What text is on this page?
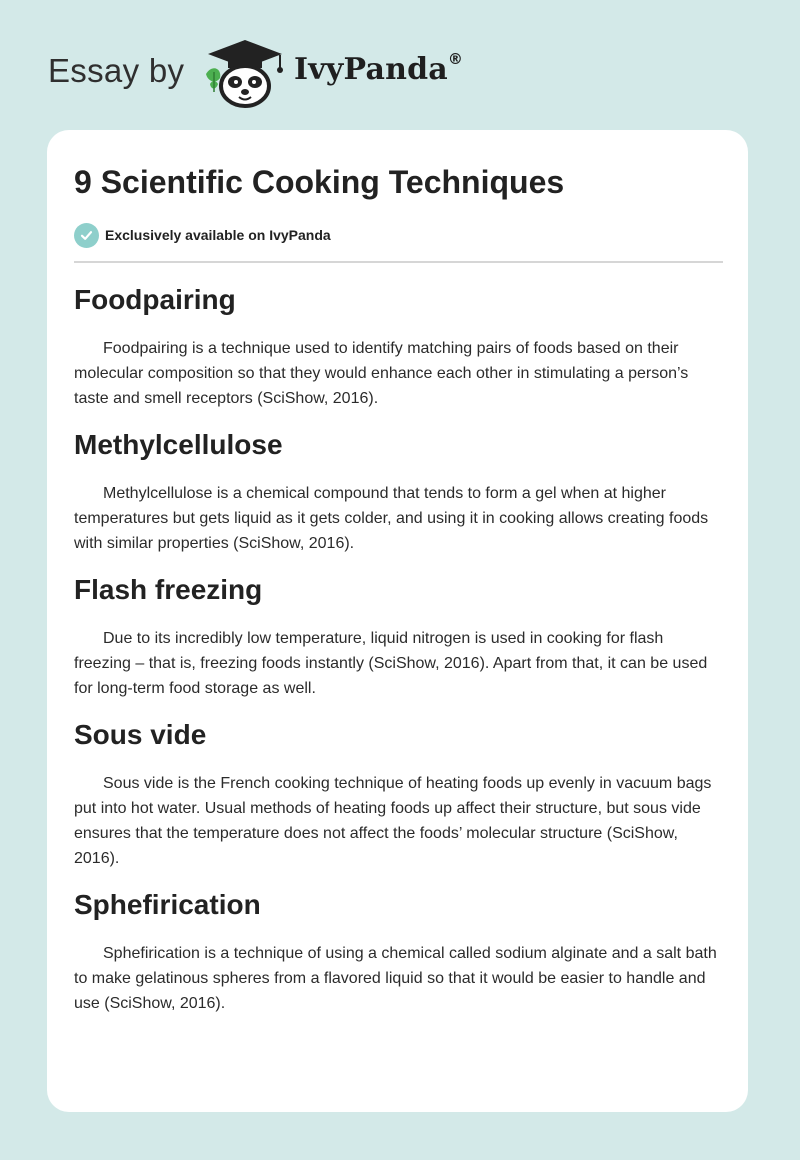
Essay by	IvyPanda®
9 Scientific Cooking Techniques
Exclusively available on IvyPanda
Foodpairing

Foodpairing is a technique used to identify matching pairs of foods based on their molecular composition so that they would enhance each other in stimulating a person’s taste and smell receptors (SciShow, 2016).

Methylcellulose

Methylcellulose is a chemical compound that tends to form a gel when at higher temperatures but gets liquid as it gets colder, and using it in cooking allows creating foods with similar properties (SciShow, 2016).

Flash freezing

Due to its incredibly low temperature, liquid nitrogen is used in cooking for flash freezing – that is, freezing foods instantly (SciShow, 2016). Apart from that, it can be used for long-term food storage as well.

Sous vide

Sous vide is the French cooking technique of heating foods up evenly in vacuum bags put into hot water. Usual methods of heating foods up affect their structure, but sous vide ensures that the temperature does not affect the foods’ molecular structure (SciShow, 2016).

Sphefirication

Sphefirication is a technique of using a chemical called sodium alginate and a salt bath to make gelatinous spheres from a flavored liquid so that it would be easier to handle and use (SciShow, 2016).
